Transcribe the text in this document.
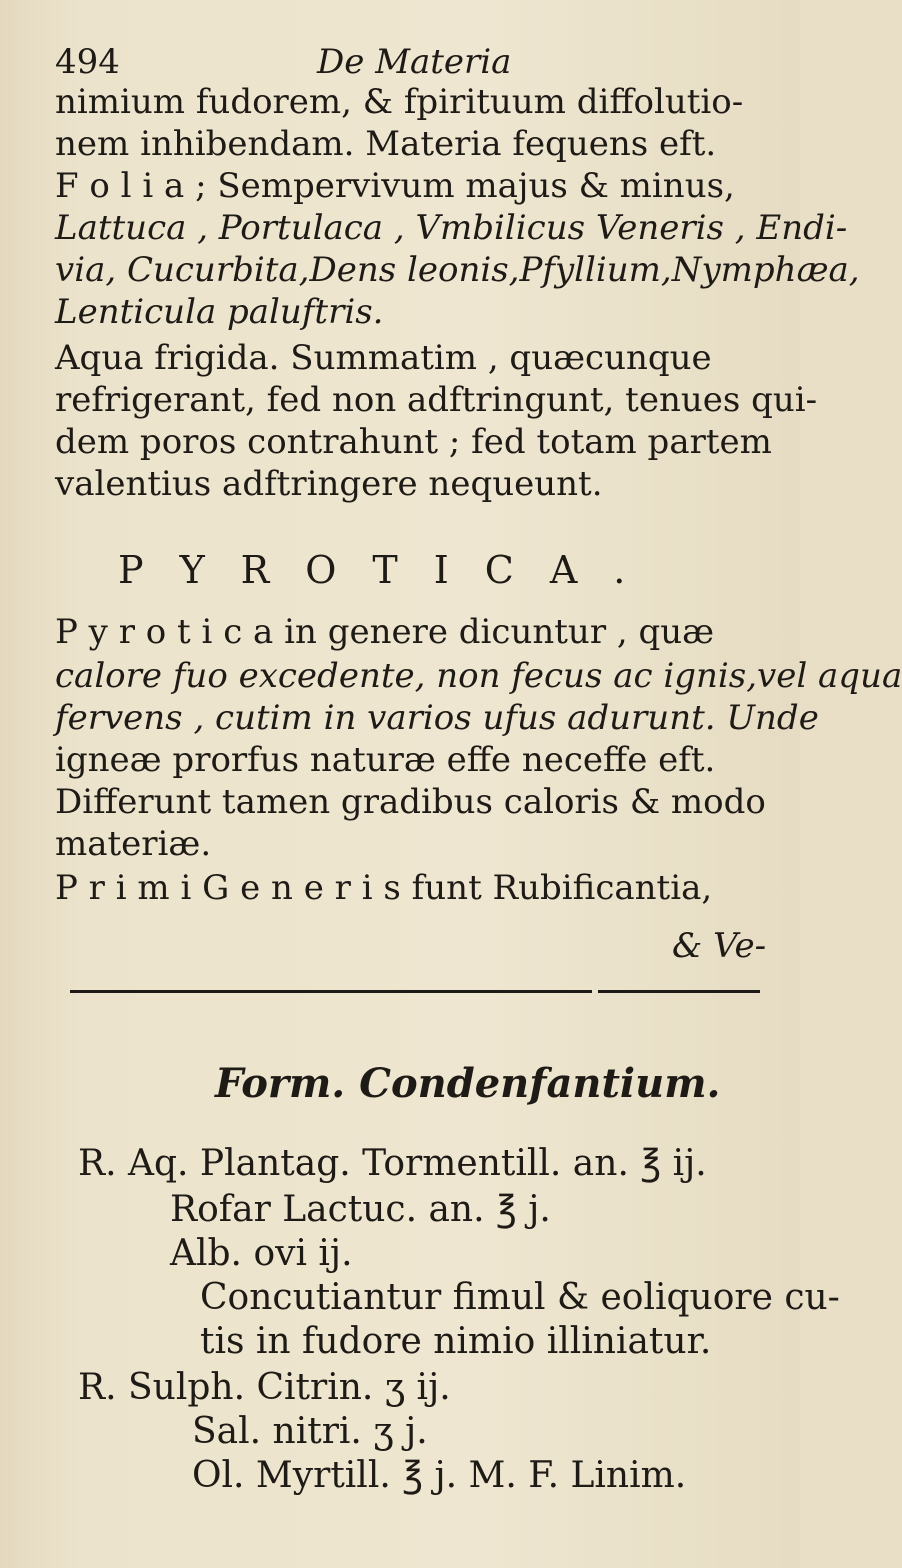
494	De Materia
nimium fudorem, & fpirituum diffolutio-
nem inhibendam. Materia fequens eft.
F o l i a ; Sempervivum majus & minus,
Lattuca , Portulaca , Vmbilicus Veneris , Endi-
via, Cucurbita,Dens leonis,Pfyllium,Nymphæa,
Lenticula paluftris.
Aqua frigida. Summatim , quæcunque
refrigerant, fed non adftringunt, tenues qui-
dem poros contrahunt ; fed totam partem
valentius adftringere nequeunt.
PYROTICA.
P y r o t i c a in genere dicuntur , quæ
calore fuo excedente, non fecus ac ignis,vel aqua
fervens , cutim in varios ufus adurunt. Unde
igneæ prorfus naturæ effe neceffe eft.
Differunt tamen gradibus caloris & modo
materiæ.
P r i m i G e n e r i s funt Rubificantia,
& Ve-
Form. Condenfantium.
R. Aq. Plantag. Tormentill. an. ℥ ij.
Rofar Lactuc. an. ℥ j.
Alb. ovi ij.
Concutiantur fimul & eoliquore cu-
tis in fudore nimio illiniatur.
R. Sulph. Citrin. ʒ ij.
Sal. nitri. ʒ j.
Ol. Myrtill. ℥ j. M. F. Linim.
